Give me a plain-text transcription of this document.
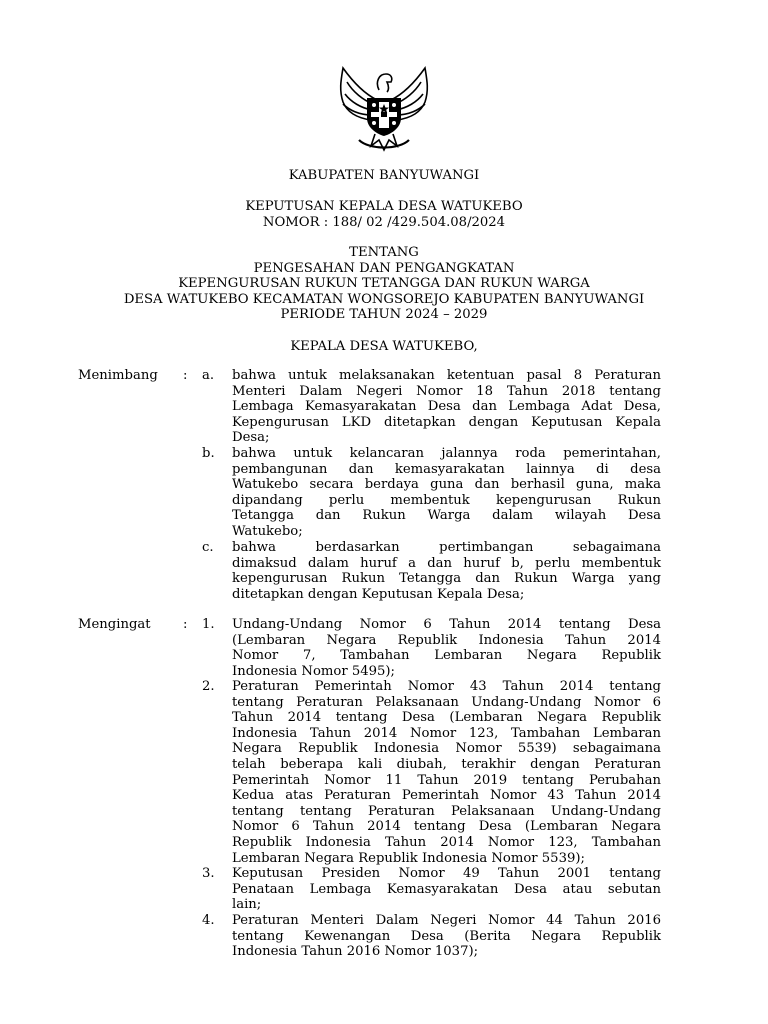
KABUPATEN BANYUWANGI
KEPUTUSAN KEPALA DESA WATUKEBO
NOMOR : 188/ 02 /429.504.08/2024
TENTANG
PENGESAHAN DAN PENGANGKATAN
KEPENGURUSAN RUKUN TETANGGA DAN RUKUN WARGA
DESA WATUKEBO KECAMATAN WONGSOREJO KABUPATEN BANYUWANGI
PERIODE TAHUN 2024 – 2029
KEPALA DESA WATUKEBO,
Menimbang : a. bahwa untuk melaksanakan ketentuan pasal 8 Peraturan
Menteri Dalam Negeri Nomor 18 Tahun 2018 tentang
Lembaga Kemasyarakatan Desa dan Lembaga Adat Desa,
Kepengurusan LKD ditetapkan dengan Keputusan Kepala
Desa;
b. bahwa untuk kelancaran jalannya roda pemerintahan,
pembangunan dan kemasyarakatan lainnya di desa
Watukebo secara berdaya guna dan berhasil guna, maka
dipandang perlu membentuk kepengurusan Rukun
Tetangga dan Rukun Warga dalam wilayah Desa
Watukebo;
c. bahwa berdasarkan pertimbangan sebagaimana
dimaksud dalam huruf a dan huruf b, perlu membentuk
kepengurusan Rukun Tetangga dan Rukun Warga yang
ditetapkan dengan Keputusan Kepala Desa;
Mengingat : 1. Undang-Undang Nomor 6 Tahun 2014 tentang Desa
(Lembaran Negara Republik Indonesia Tahun 2014
Nomor 7, Tambahan Lembaran Negara Republik
Indonesia Nomor 5495);
2. Peraturan Pemerintah Nomor 43 Tahun 2014 tentang
tentang Peraturan Pelaksanaan Undang-Undang Nomor 6
Tahun 2014 tentang Desa (Lembaran Negara Republik
Indonesia Tahun 2014 Nomor 123, Tambahan Lembaran
Negara Republik Indonesia Nomor 5539) sebagaimana
telah beberapa kali diubah, terakhir dengan Peraturan
Pemerintah Nomor 11 Tahun 2019 tentang Perubahan
Kedua atas Peraturan Pemerintah Nomor 43 Tahun 2014
tentang tentang Peraturan Pelaksanaan Undang-Undang
Nomor 6 Tahun 2014 tentang Desa (Lembaran Negara
Republik Indonesia Tahun 2014 Nomor 123, Tambahan
Lembaran Negara Republik Indonesia Nomor 5539);
3. Keputusan Presiden Nomor 49 Tahun 2001 tentang
Penataan Lembaga Kemasyarakatan Desa atau sebutan
lain;
4. Peraturan Menteri Dalam Negeri Nomor 44 Tahun 2016
tentang Kewenangan Desa (Berita Negara Republik
Indonesia Tahun 2016 Nomor 1037);
